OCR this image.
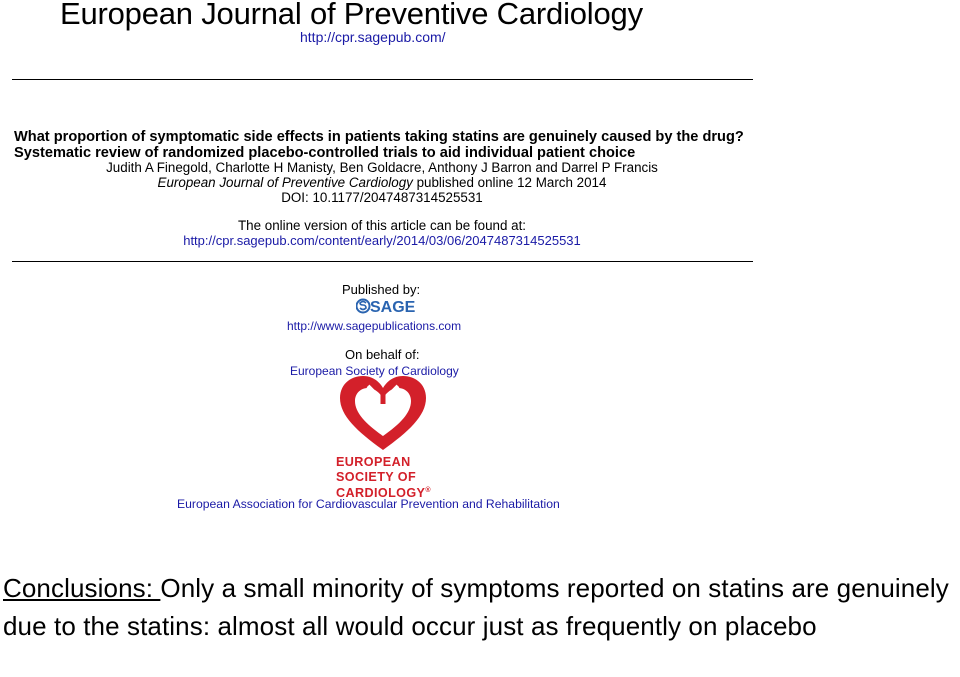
European Journal of Preventive Cardiology
http://cpr.sagepub.com/
What proportion of symptomatic side effects in patients taking statins are genuinely caused by the drug? Systematic review of randomized placebo-controlled trials to aid individual patient choice
Judith A Finegold, Charlotte H Manisty, Ben Goldacre, Anthony J Barron and Darrel P Francis
European Journal of Preventive Cardiology published online 12 March 2014
DOI: 10.1177/2047487314525531
The online version of this article can be found at:
http://cpr.sagepub.com/content/early/2014/03/06/2047487314525531
Published by:
SAGE
http://www.sagepublications.com
On behalf of:
European Society of Cardiology
EUROPEAN
SOCIETY OF
CARDIOLOGY®
European Association for Cardiovascular Prevention and Rehabilitation
Conclusions: Only a small minority of symptoms reported on statins are genuinely due to the statins: almost all would occur just as frequently on placebo
